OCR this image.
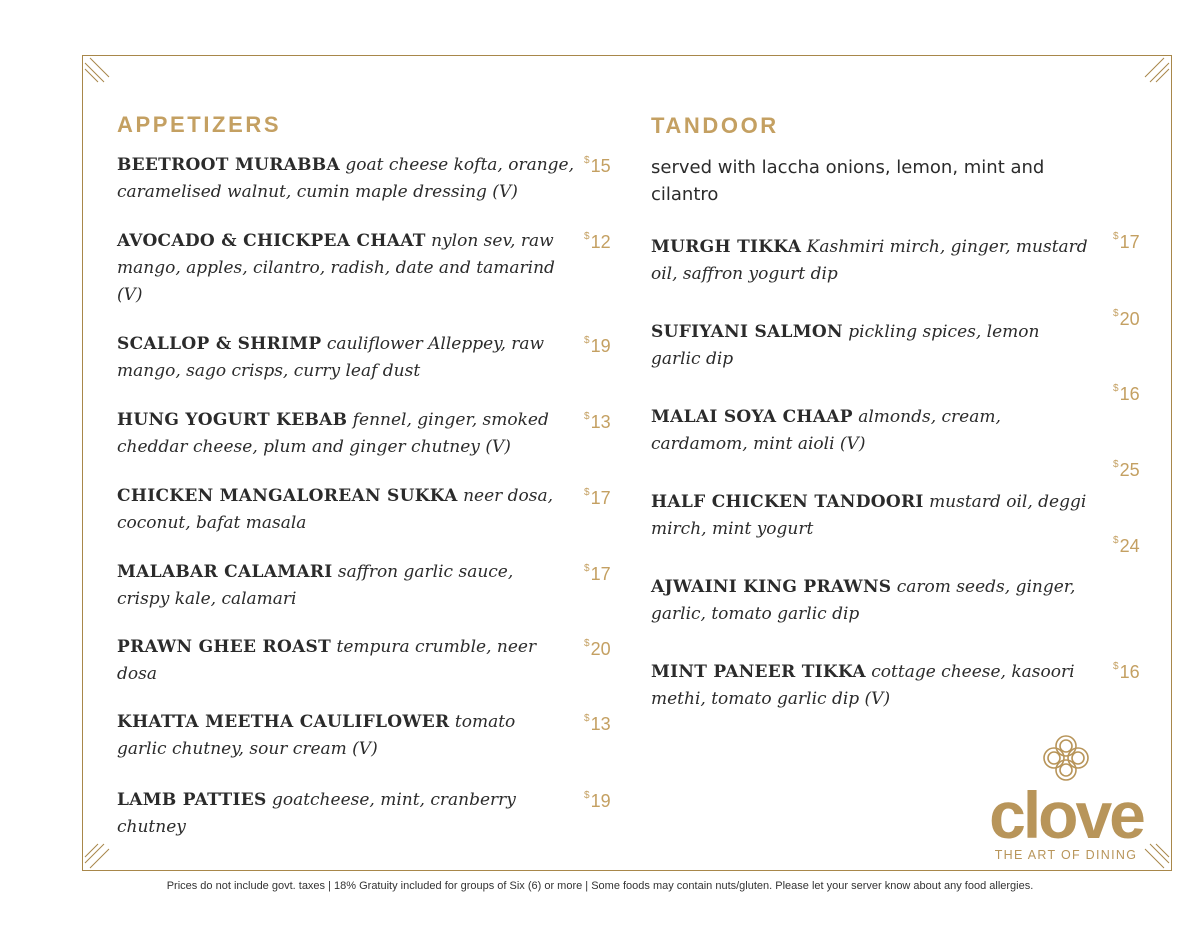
APPETIZERS
BEETROOT MURABBA goat cheese kofta, orange, caramelised walnut, cumin maple dressing (V)
$15
AVOCADO & CHICKPEA CHAAT nylon sev, raw mango, apples, cilantro, radish, date and tamarind (V)
$12
SCALLOP & SHRIMP cauliflower Alleppey, raw mango, sago crisps, curry leaf dust
$19
HUNG YOGURT KEBAB fennel, ginger, smoked cheddar cheese, plum and ginger chutney (V)
$13
CHICKEN MANGALOREAN SUKKA neer dosa, coconut, bafat masala
$17
MALABAR CALAMARI saffron garlic sauce, crispy kale, calamari
$17
PRAWN GHEE ROAST tempura crumble, neer dosa
$20
KHATTA MEETHA CAULIFLOWER tomato garlic chutney, sour cream (V)
$13
LAMB PATTIES goatcheese, mint, cranberry chutney
$19
TANDOOR
served with laccha onions, lemon, mint and cilantro
MURGH TIKKA Kashmiri mirch, ginger, mustard oil, saffron yogurt dip
$17
SUFIYANI SALMON pickling spices, lemon garlic dip
$20
MALAI SOYA CHAAP almonds, cream, cardamom, mint aioli (V)
$16
HALF CHICKEN TANDOORI mustard oil, deggi mirch, mint yogurt
$25
AJWAINI KING PRAWNS carom seeds, ginger, garlic, tomato garlic dip
$24
MINT PANEER TIKKA cottage cheese, kasoori methi, tomato garlic dip (V)
$16
clove
THE ART OF DINING
Prices do not include govt. taxes | 18% Gratuity included for groups of Six (6) or more | Some foods may contain nuts/gluten. Please let your server know about any food allergies.
